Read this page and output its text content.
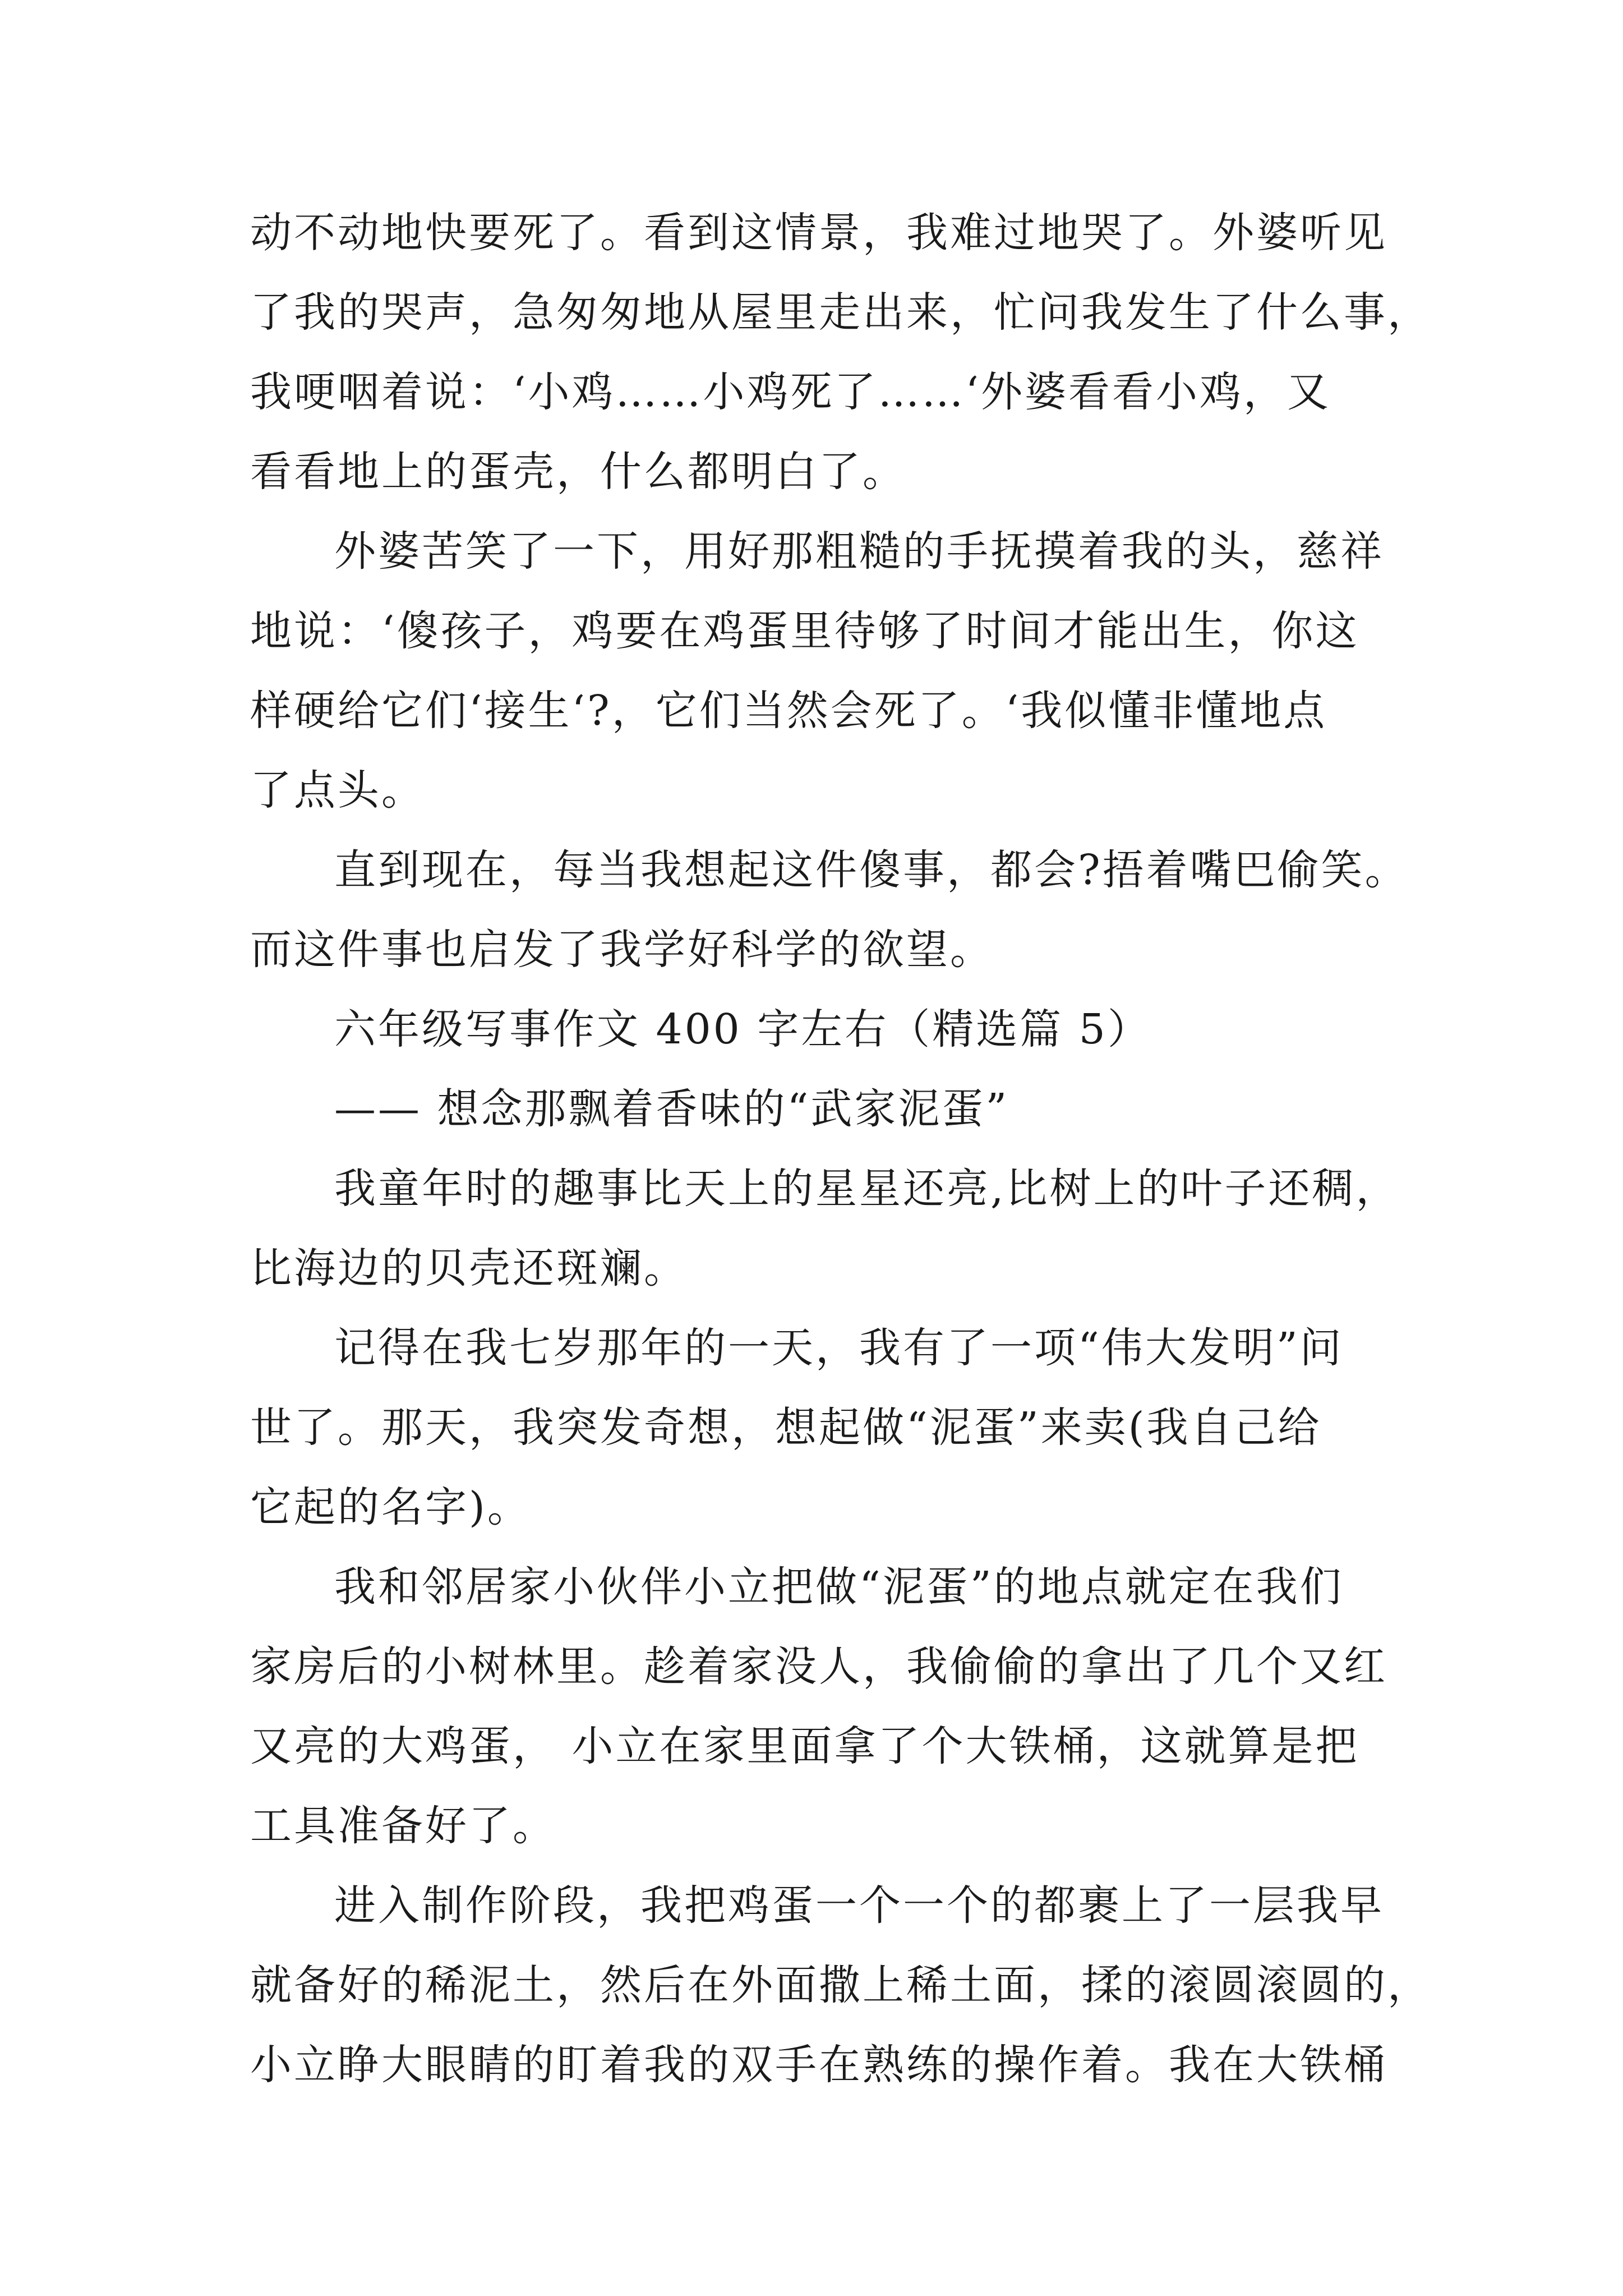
动不动地快要死了。看到这情景，我难过地哭了。外婆听见
了我的哭声，急匆匆地从屋里走出来，忙问我发生了什么事，
我哽咽着说：‘小鸡……小鸡死了……‘外婆看看小鸡，又
看看地上的蛋壳，什么都明白了。
外婆苦笑了一下，用好那粗糙的手抚摸着我的头，慈祥
地说：‘傻孩子，鸡要在鸡蛋里待够了时间才能出生，你这
样硬给它们‘接生‘?，它们当然会死了。‘我似懂非懂地点
了点头。
直到现在，每当我想起这件傻事，都会?捂着嘴巴偷笑。
而这件事也启发了我学好科学的欲望。
六年级写事作文 400 字左右（精选篇 5）
—— 想念那飘着香味的“武家泥蛋”
我童年时的趣事比天上的星星还亮,比树上的叶子还稠，
比海边的贝壳还斑斓。
记得在我七岁那年的一天，我有了一项“伟大发明”问
世了。那天，我突发奇想，想起做“泥蛋”来卖(我自己给
它起的名字)。
我和邻居家小伙伴小立把做“泥蛋”的地点就定在我们
家房后的小树林里。趁着家没人，我偷偷的拿出了几个又红
又亮的大鸡蛋， 小立在家里面拿了个大铁桶，这就算是把
工具准备好了。
进入制作阶段，我把鸡蛋一个一个的都裹上了一层我早
就备好的稀泥土，然后在外面撒上稀土面，揉的滚圆滚圆的，
小立睁大眼睛的盯着我的双手在熟练的操作着。我在大铁桶
